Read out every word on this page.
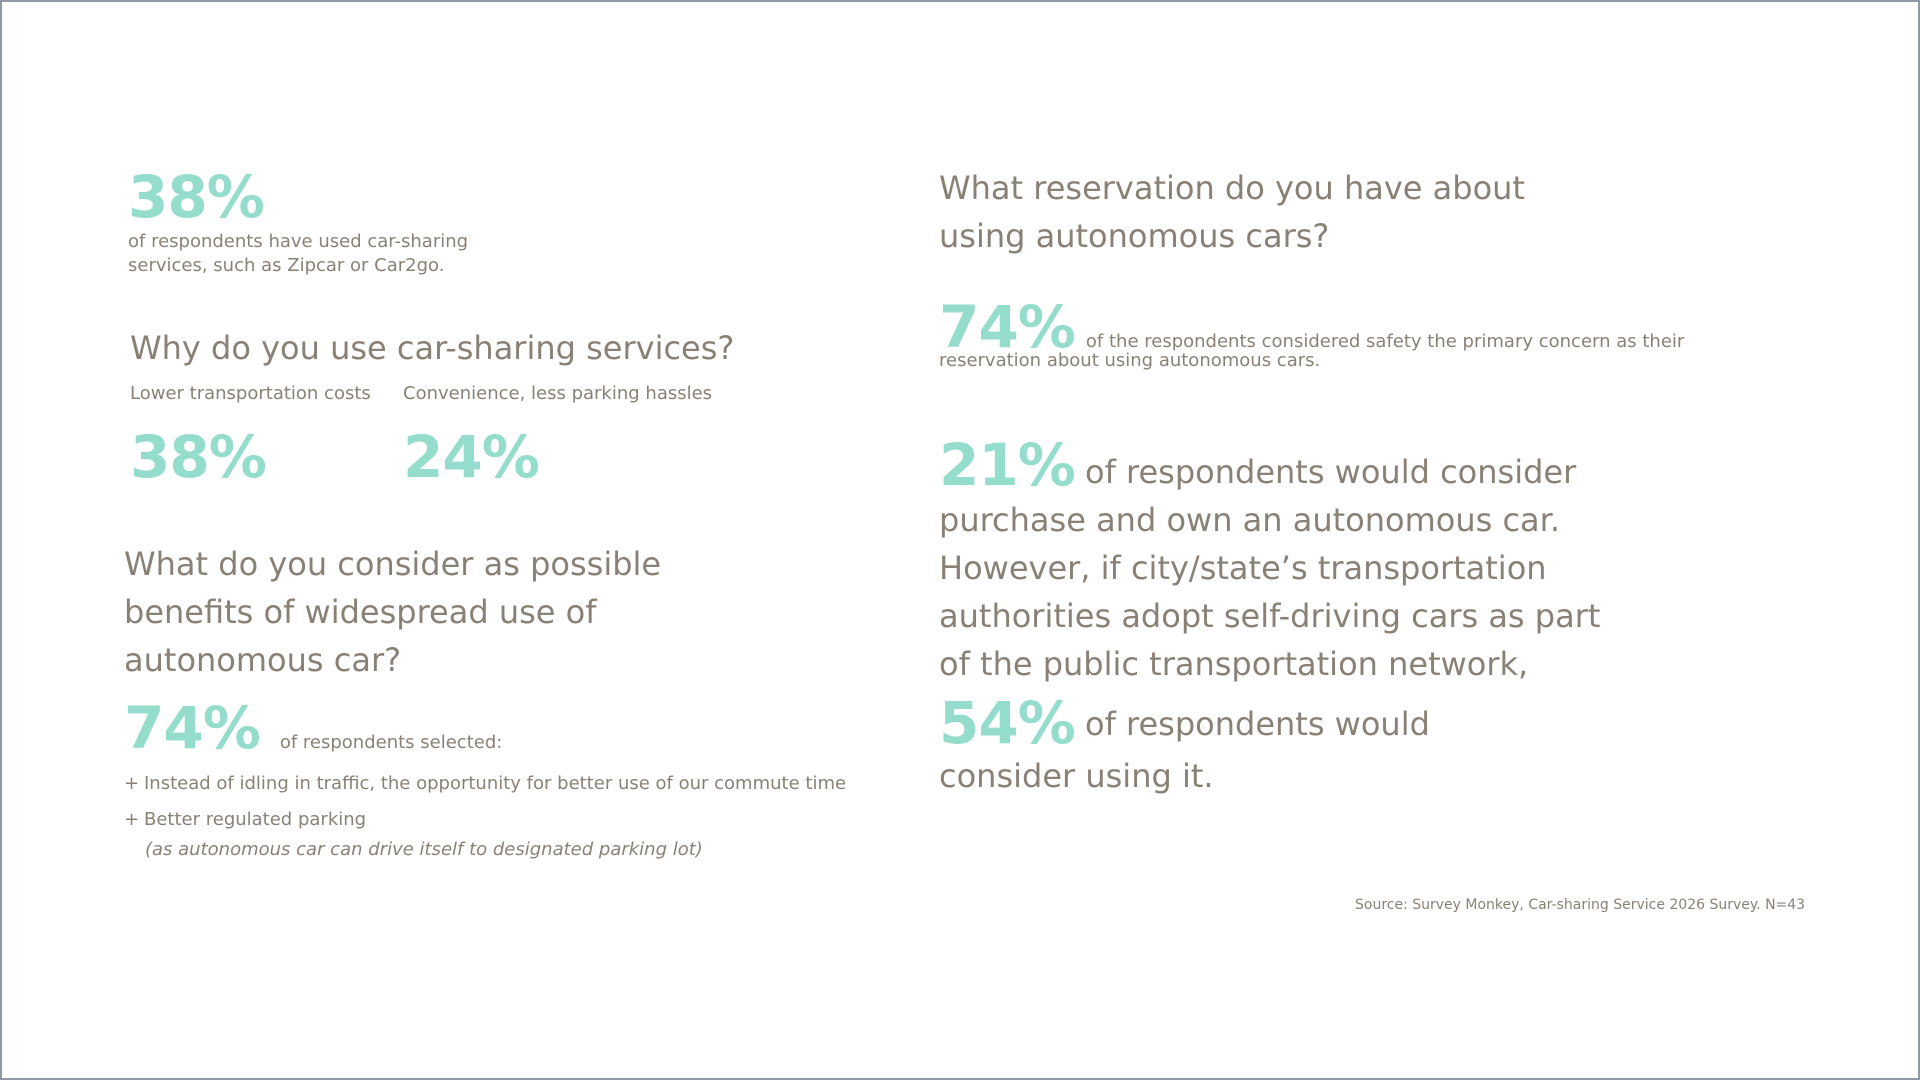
38%
of respondents have used car-sharing
services, such as Zipcar or Car2go.
Why do you use car-sharing services?
Lower transportation costs
38%
Convenience, less parking hassles
24%
What do you consider as possible
benefits of widespread use of
autonomous car?
74% of respondents selected:
+ Instead of idling in traffic, the opportunity for better use of our commute time
+ Better regulated parking
(as autonomous car can drive itself to designated parking lot)
What reservation do you have about
using autonomous cars?
74% of the respondents considered safety the primary concern as their
reservation about using autonomous cars.
21% of respondents would consider
purchase and own an autonomous car.
However, if city/state’s transportation
authorities adopt self-driving cars as part
of the public transportation network,
54% of respondents would
consider using it.
Source: Survey Monkey, Car-sharing Service 2026 Survey. N=43
